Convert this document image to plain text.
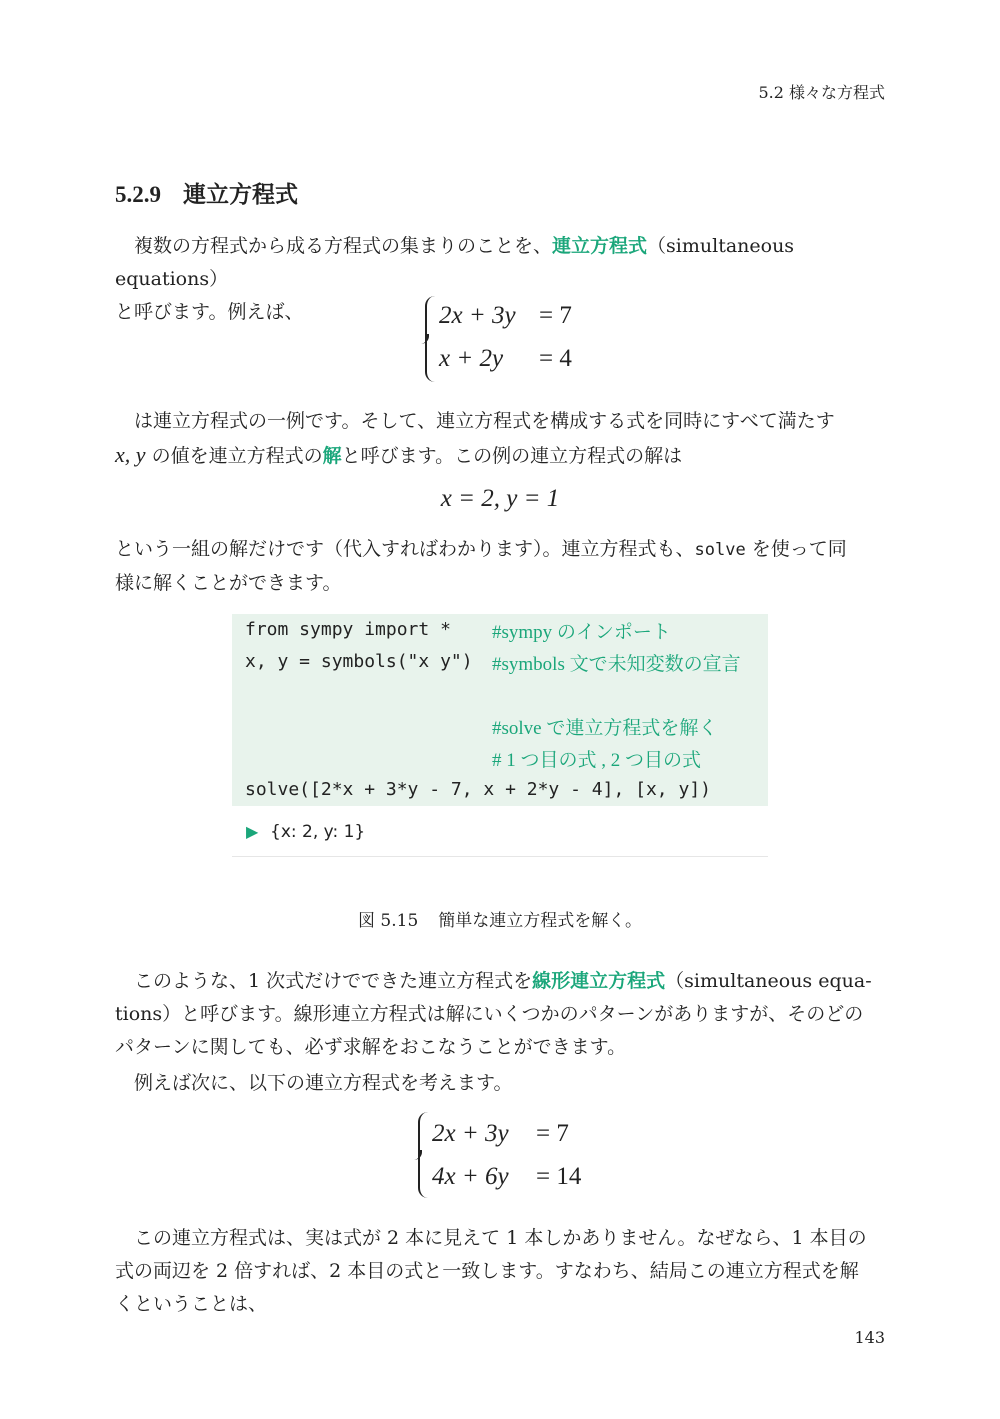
5.2 様々な方程式
5.2.9 連立方程式
複数の方程式から成る方程式の集まりのことを、連立方程式（simultaneous equations）
と呼びます。例えば、	2x + 3y = 7
x + 2y = 4
は連立方程式の一例です。そして、連立方程式を構成する式を同時にすべて満たす
x, y の値を連立方程式の解と呼びます。この例の連立方程式の解は
x = 2, y = 1
という一組の解だけです（代入すればわかります）。連立方程式も、solve を使って同
様に解くことができます。
from sympy import *
x, y = symbols("x y")
solve([2*x + 3*y - 7, x + 2*y - 4], [x, y])
#sympy のインポート
#symbols 文で未知変数の宣言
#solve で連立方程式を解く
# 1 つ目の式 , 2 つ目の式
▶ {x: 2, y: 1}
図 5.15 簡単な連立方程式を解く。
このような、1 次式だけでできた連立方程式を線形連立方程式（simultaneous equa-
tions）と呼びます。線形連立方程式は解にいくつかのパターンがありますが、そのどの
パターンに関しても、必ず求解をおこなうことができます。
例えば次に、以下の連立方程式を考えます。
2x + 3y = 7
4x + 6y = 14
この連立方程式は、実は式が 2 本に見えて 1 本しかありません。なぜなら、1 本目の
式の両辺を 2 倍すれば、2 本目の式と一致します。すなわち、結局この連立方程式を解
くということは、
143
